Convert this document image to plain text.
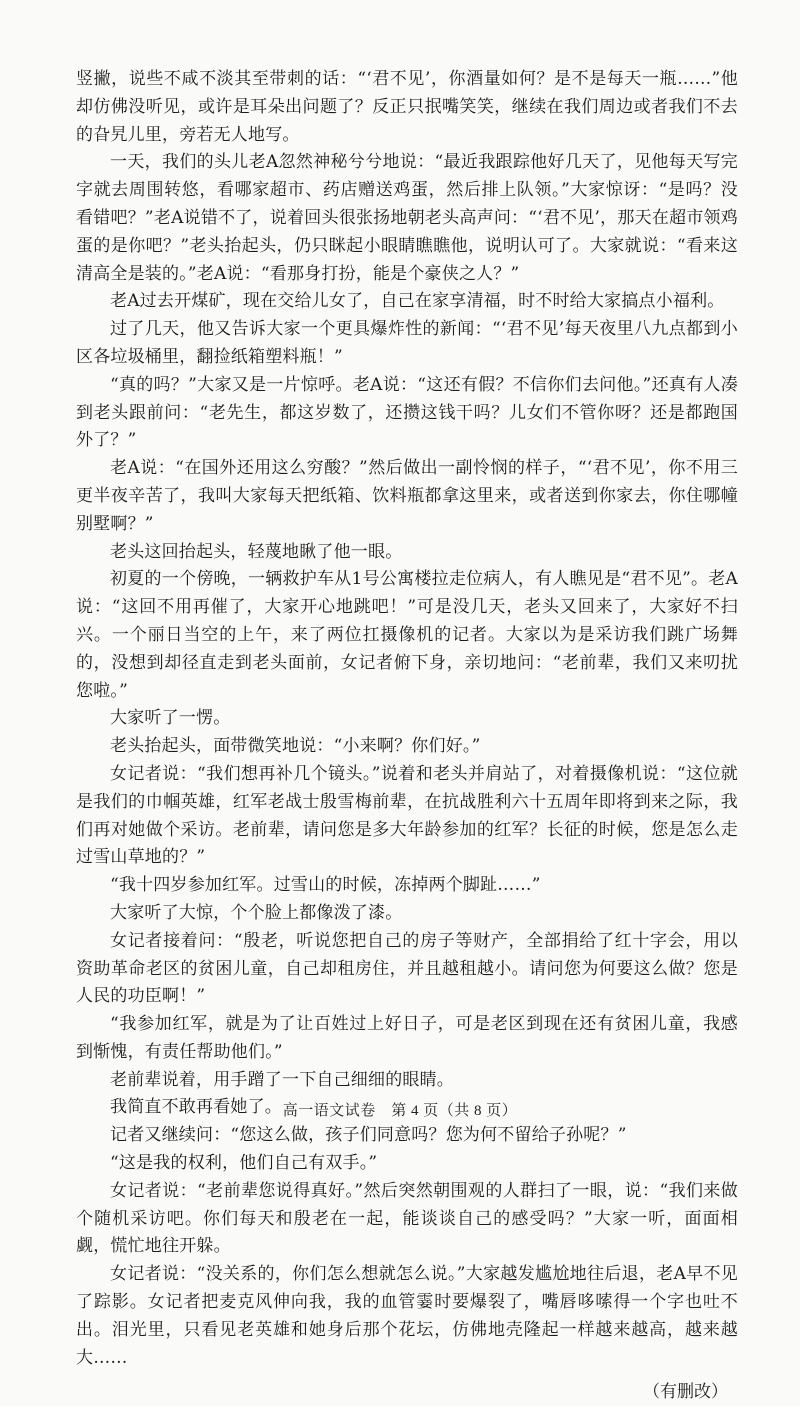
竖撇，说些不咸不淡其至带刺的话：“‘君不见’，你酒量如何？是不是每天一瓶……”他却仿佛没听见，或许是耳朵出问题了？反正只抿嘴笑笑，继续在我们周边或者我们不去的旮旯儿里，旁若无人地写。

一天，我们的头儿老A忽然神秘兮兮地说：“最近我跟踪他好几天了，见他每天写完字就去周围转悠，看哪家超市、药店赠送鸡蛋，然后排上队领。”大家惊讶：“是吗？没看错吧？”老A说错不了，说着回头很张扬地朝老头高声问：“‘君不见’，那天在超市领鸡蛋的是你吧？”老头抬起头，仍只眯起小眼睛瞧瞧他，说明认可了。大家就说：“看来这清高全是装的。”老A说：“看那身打扮，能是个豪侠之人？”

老A过去开煤矿，现在交给儿女了，自己在家享清福，时不时给大家搞点小福利。

过了几天，他又告诉大家一个更具爆炸性的新闻：“‘君不见’每天夜里八九点都到小区各垃圾桶里，翻捡纸箱塑料瓶！”

“真的吗？”大家又是一片惊呼。老A说：“这还有假？不信你们去问他。”还真有人凑到老头跟前问：“老先生，都这岁数了，还攒这钱干吗？儿女们不管你呀？还是都跑国外了？”

老A说：“在国外还用这么穷酸？”然后做出一副怜悯的样子，“‘君不见’，你不用三更半夜辛苦了，我叫大家每天把纸箱、饮料瓶都拿这里来，或者送到你家去，你住哪幢别墅啊？”

老头这回抬起头，轻蔑地瞅了他一眼。

初夏的一个傍晚，一辆救护车从1号公寓楼拉走位病人，有人瞧见是“君不见”。老A说：“这回不用再催了，大家开心地跳吧！”可是没几天，老头又回来了，大家好不扫兴。一个丽日当空的上午，来了两位扛摄像机的记者。大家以为是采访我们跳广场舞的，没想到却径直走到老头面前，女记者俯下身，亲切地问：“老前辈，我们又来叨扰您啦。”

大家听了一愣。

老头抬起头，面带微笑地说：“小来啊？你们好。”

女记者说：“我们想再补几个镜头。”说着和老头并肩站了，对着摄像机说：“这位就是我们的巾帼英雄，红军老战士殷雪梅前辈，在抗战胜利六十五周年即将到来之际，我们再对她做个采访。老前辈，请问您是多大年龄参加的红军？长征的时候，您是怎么走过雪山草地的？”

“我十四岁参加红军。过雪山的时候，冻掉两个脚趾……”

大家听了大惊，个个脸上都像泼了漆。

女记者接着问：“殷老，听说您把自己的房子等财产，全部捐给了红十字会，用以资助革命老区的贫困儿童，自己却租房住，并且越租越小。请问您为何要这么做？您是人民的功臣啊！”

“我参加红军，就是为了让百姓过上好日子，可是老区到现在还有贫困儿童，我感到惭愧，有责任帮助他们。”

老前辈说着，用手蹭了一下自己细细的眼睛。

我简直不敢再看她了。

记者又继续问：“您这么做，孩子们同意吗？您为何不留给子孙呢？”

“这是我的权利，他们自己有双手。”

女记者说：“老前辈您说得真好。”然后突然朝围观的人群扫了一眼，说：“我们来做个随机采访吧。你们每天和殷老在一起，能谈谈自己的感受吗？”大家一听，面面相觑，慌忙地往开躲。

女记者说：“没关系的，你们怎么想就怎么说。”大家越发尴尬地往后退，老A早不见了踪影。女记者把麦克风伸向我，我的血管霎时要爆裂了，嘴唇哆嗦得一个字也吐不出。泪光里，只看见老英雄和她身后那个花坛，仿佛地壳隆起一样越来越高，越来越大……

（有删改）
高一语文试卷　第 4 页（共 8 页）
